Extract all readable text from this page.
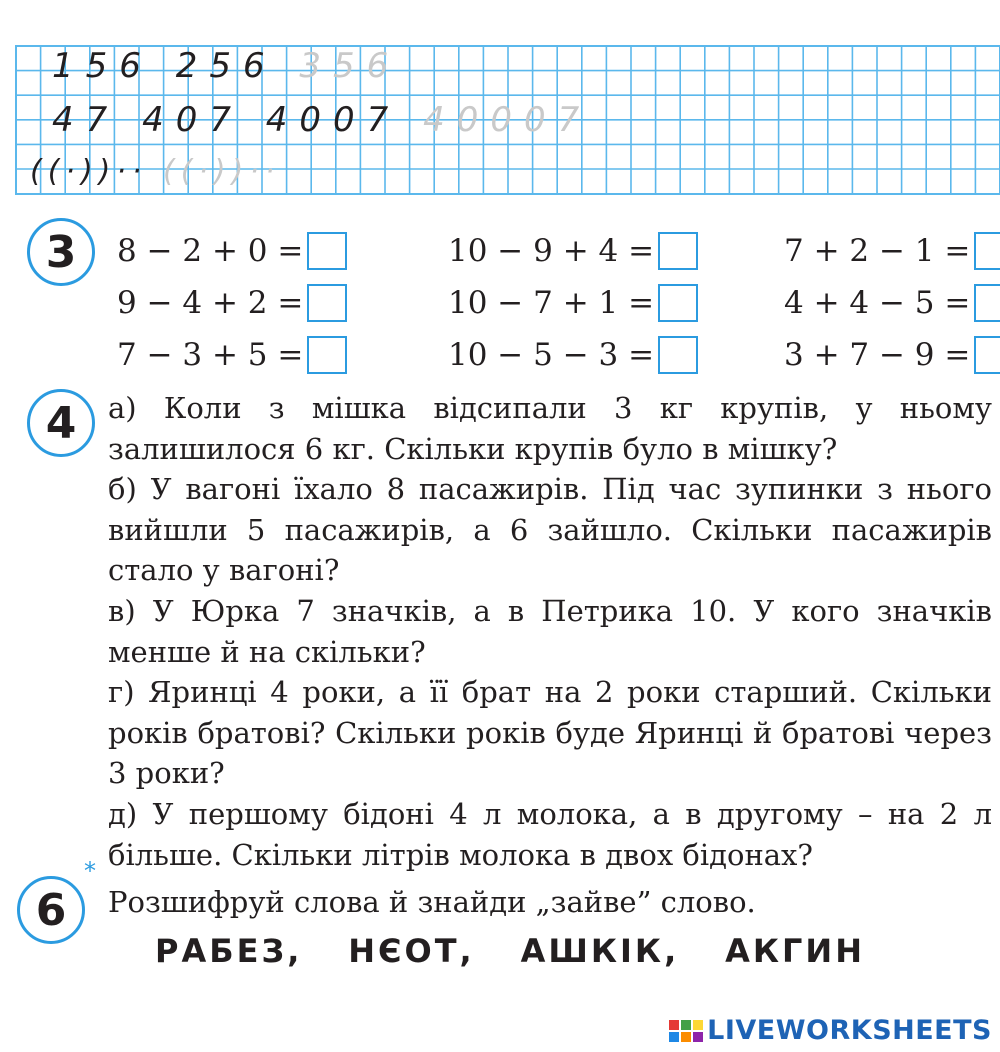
156 256 356
47 407 4007 40007
((·))·· ((·))··
3	8 − 2 + 0 =	10 − 9 + 4 =	7 + 2 − 1 =
9 − 4 + 2 =	10 − 7 + 1 =	4 + 4 − 5 =
7 − 3 + 5 =	10 − 5 − 3 =	3 + 7 − 9 =
4	а) Коли з мішка відсипали 3 кг крупів, у ньому залишилося 6 кг. Скільки крупів було в мішку?
б) У вагоні їхало 8 пасажирів. Під час зупинки з нього вийшли 5 пасажирів, а 6 зайшло. Скільки пасажирів стало у вагоні?
в) У Юрка 7 значків, а в Петрика 10. У кого значків менше й на скільки?
г) Яринці 4 роки, а її брат на 2 роки старший. Скільки років братові? Скільки років буде Яринці й братові через 3 роки?
д) У першому бідоні 4 л молока, а в другому – на 2 л більше. Скільки літрів молока в двох бідонах?
*
6	Розшифруй слова й знайди „зайве” слово.
РАБЕЗ, НЄОТ, АШКІК, АКГИН
LIVEWORKSHEETS
